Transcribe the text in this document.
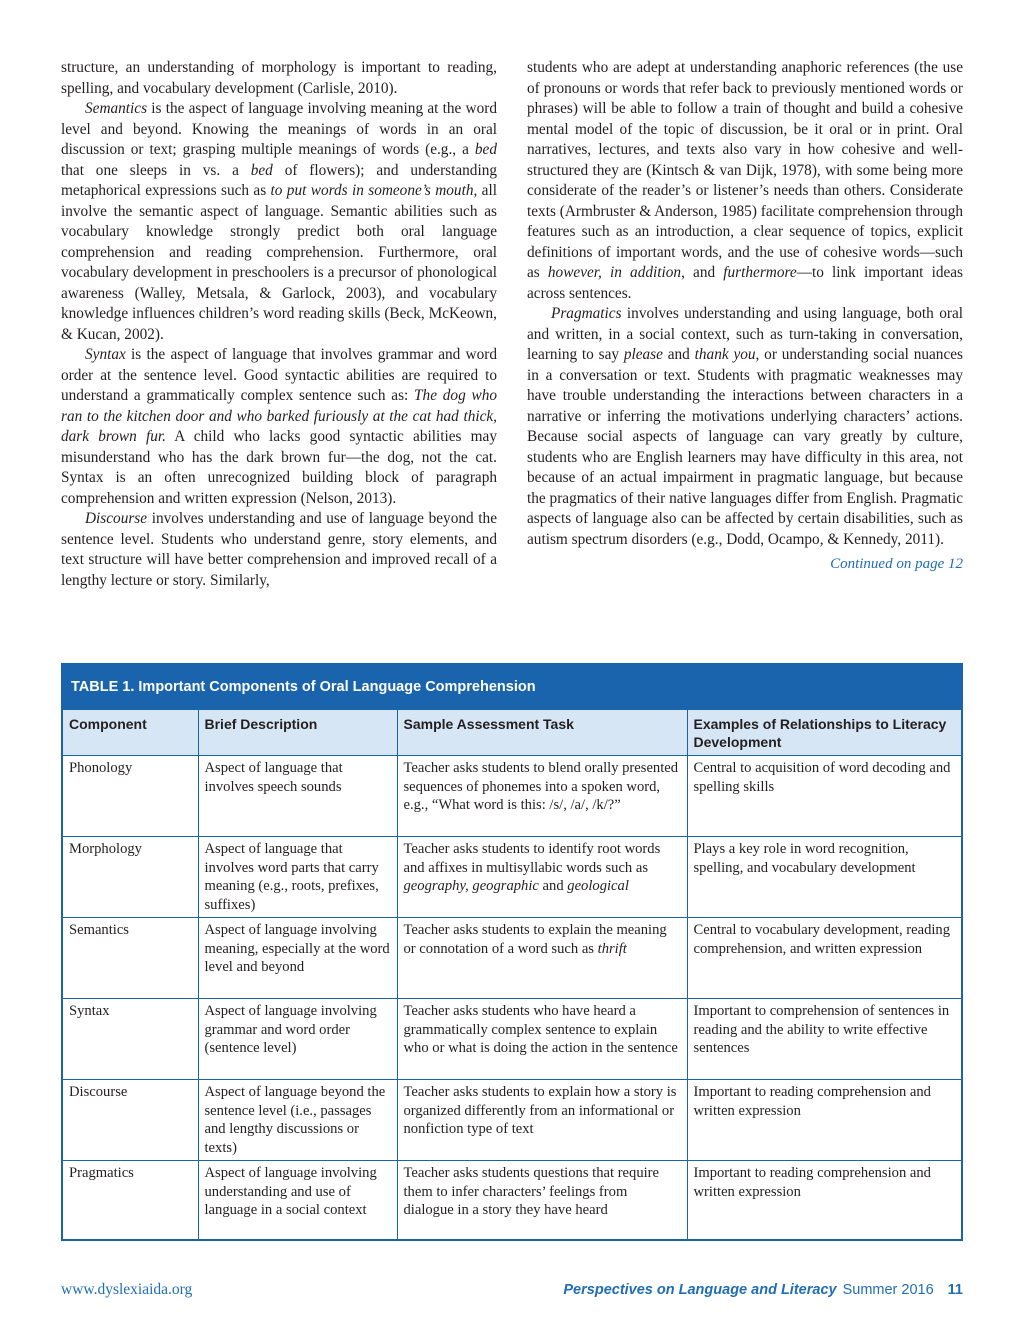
structure, an understanding of morphology is important to reading, spelling, and vocabulary development (Carlisle, 2010).

Semantics is the aspect of language involving meaning at the word level and beyond. Knowing the meanings of words in an oral discussion or text; grasping multiple meanings of words (e.g., a bed that one sleeps in vs. a bed of flowers); and understanding metaphorical expressions such as to put words in someone’s mouth, all involve the semantic aspect of language. Semantic abilities such as vocabulary knowledge strongly predict both oral language comprehension and reading comprehension. Furthermore, oral vocabulary development in preschoolers is a precursor of phonological awareness (Walley, Metsala, & Garlock, 2003), and vocabulary knowledge influences children’s word reading skills (Beck, McKeown, & Kucan, 2002).

Syntax is the aspect of language that involves grammar and word order at the sentence level. Good syntactic abilities are required to understand a grammatically complex sentence such as: The dog who ran to the kitchen door and who barked furiously at the cat had thick, dark brown fur. A child who lacks good syntactic abilities may misunderstand who has the dark brown fur—the dog, not the cat. Syntax is an often unrecognized building block of paragraph comprehension and written expression (Nelson, 2013).

Discourse involves understanding and use of language beyond the sentence level. Students who understand genre, story elements, and text structure will have better comprehension and improved recall of a lengthy lecture or story. Similarly,

students who are adept at understanding anaphoric references (the use of pronouns or words that refer back to previously mentioned words or phrases) will be able to follow a train of thought and build a cohesive mental model of the topic of discussion, be it oral or in print. Oral narratives, lectures, and texts also vary in how cohesive and well-structured they are (Kintsch & van Dijk, 1978), with some being more considerate of the reader’s or listener’s needs than others. Considerate texts (Armbruster & Anderson, 1985) facilitate comprehension through features such as an introduction, a clear sequence of topics, explicit definitions of important words, and the use of cohesive words—such as however, in addition, and furthermore—to link important ideas across sentences.

Pragmatics involves understanding and using language, both oral and written, in a social context, such as turn-taking in conversation, learning to say please and thank you, or understanding social nuances in a conversation or text. Students with pragmatic weaknesses may have trouble understanding the interactions between characters in a narrative or inferring the motivations underlying characters’ actions. Because social aspects of language can vary greatly by culture, students who are English learners may have difficulty in this area, not because of an actual impairment in pragmatic language, but because the pragmatics of their native languages differ from English. Pragmatic aspects of language also can be affected by certain disabilities, such as autism spectrum disorders (e.g., Dodd, Ocampo, & Kennedy, 2011).

Continued on page 12

TABLE 1. Important Components of Oral Language Comprehension
Component	Brief Description	Sample Assessment Task	Examples of Relationships to Literacy Development
Phonology	Aspect of language that involves speech sounds	Teacher asks students to blend orally presented sequences of phonemes into a spoken word, e.g., “What word is this: /s/, /a/, /k/?”	Central to acquisition of word decoding and spelling skills
Morphology	Aspect of language that involves word parts that carry meaning (e.g., roots, prefixes, suffixes)	Teacher asks students to identify root words and affixes in multisyllabic words such as geography, geographic and geological	Plays a key role in word recognition, spelling, and vocabulary development
Semantics	Aspect of language involving meaning, especially at the word level and beyond	Teacher asks students to explain the meaning or connotation of a word such as thrift	Central to vocabulary development, reading comprehension, and written expression
Syntax	Aspect of language involving grammar and word order (sentence level)	Teacher asks students who have heard a grammatically complex sentence to explain who or what is doing the action in the sentence	Important to comprehension of sentences in reading and the ability to write effective sentences
Discourse	Aspect of language beyond the sentence level (i.e., passages and lengthy discussions or texts)	Teacher asks students to explain how a story is organized differently from an informational or nonfiction type of text	Important to reading comprehension and written expression
Pragmatics	Aspect of language involving understanding and use of language in a social context	Teacher asks students questions that require them to infer characters’ feelings from dialogue in a story they have heard	Important to reading comprehension and written expression
www.dyslexiaida.org	Perspectives on Language and Literacy Summer 2016 11
